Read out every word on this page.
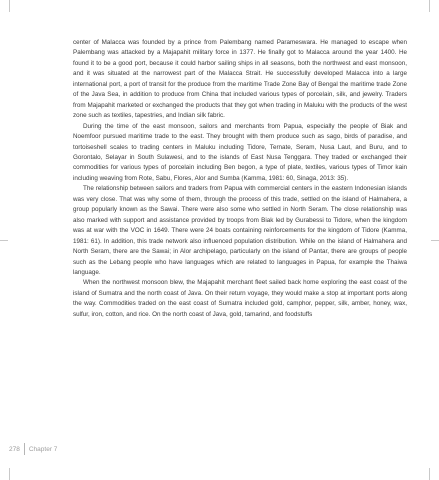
center of Malacca was founded by a prince from Palembang named Parameswara. He managed to escape when Palembang was attacked by a Majapahit military force in 1377. He finally got to Malacca around the year 1400. He found it to be a good port, because it could harbor sailing ships in all seasons, both the northwest and east monsoon, and it was situated at the narrowest part of the Malacca Strait. He successfully developed Malacca into a large international port, a port of transit for the produce from the maritime Trade Zone Bay of Bengal the maritime trade Zone of the Java Sea, in addition to produce from China that included various types of porcelain, silk, and jewelry. Traders from Majapahit marketed or exchanged the products that they got when trading in Maluku with the products of the west zone such as textiles, tapestries, and Indian silk fabric.

During the time of the east monsoon, sailors and merchants from Papua, especially the people of Biak and Noemfoor pursued maritime trade to the east. They brought with them produce such as sago, birds of paradise, and tortoiseshell scales to trading centers in Maluku including Tidore, Ternate, Seram, Nusa Laut, and Buru, and to Gorontalo, Selayar in South Sulawesi, and to the islands of East Nusa Tenggara. They traded or exchanged their commodities for various types of porcelain including Ben begon, a type of plate, textiles, various types of Timor kain including weaving from Rote, Sabu, Flores, Alor and Sumba (Kamma, 1981: 60, Sinaga, 2013: 35).

The relationship between sailors and traders from Papua with commercial centers in the eastern Indonesian islands was very close. That was why some of them, through the process of this trade, settled on the island of Halmahera, a group popularly known as the Sawai. There were also some who settled in North Seram. The close relationship was also marked with support and assistance provided by troops from Biak led by Gurabessi to Tidore, when the kingdom was at war with the VOC in 1649. There were 24 boats containing reinforcements for the kingdom of Tidore (Kamma, 1981: 61). In addition, this trade network also influenced population distribution. While on the island of Halmahera and North Seram, there are the Sawai; in Alor archipelago, particularly on the island of Pantar, there are groups of people such as the Lebang people who have languages which are related to languages in Papua, for example the Thaiwa language.

When the northwest monsoon blew, the Majapahit merchant fleet sailed back home exploring the east coast of the island of Sumatra and the north coast of Java. On their return voyage, they would make a stop at important ports along the way. Commodities traded on the east coast of Sumatra included gold, camphor, pepper, silk, amber, honey, wax, sulfur, iron, cotton, and rice. On the north coast of Java, gold, tamarind, and foodstuffs

278	Chapter 7
